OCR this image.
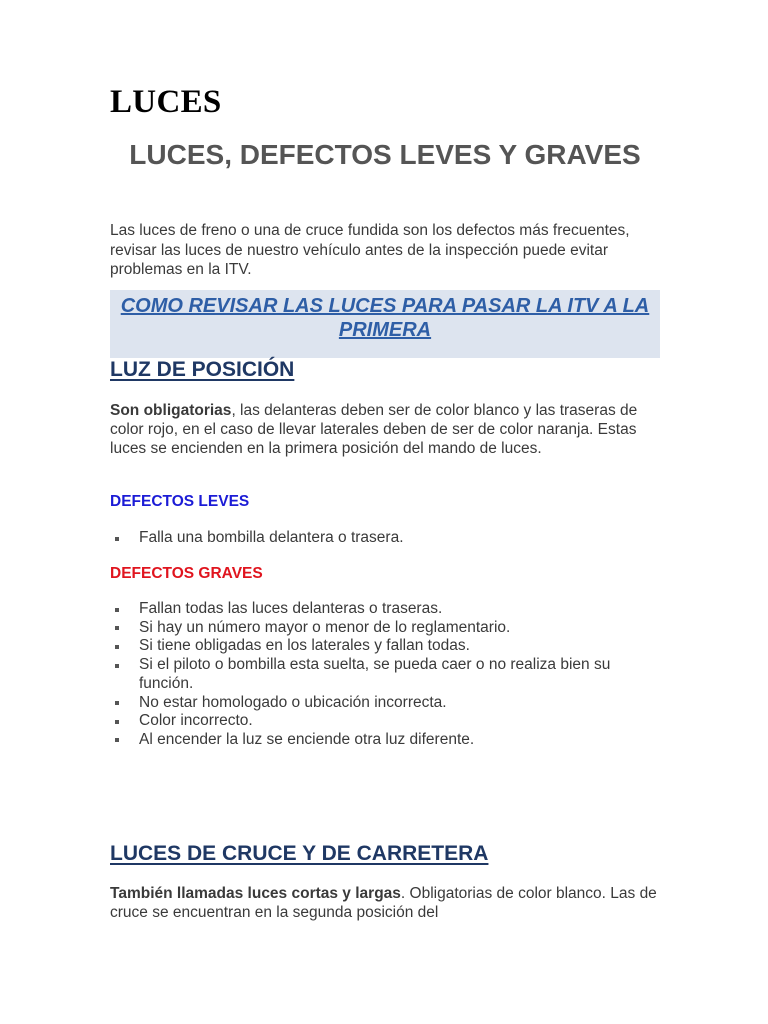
LUCES
LUCES, DEFECTOS LEVES Y GRAVES

Las luces de freno o una de cruce fundida son los defectos más frecuentes, revisar las luces de nuestro vehículo antes de la inspección puede evitar problemas en la ITV.

COMO REVISAR LAS LUCES PARA PASAR LA ITV A LA PRIMERA
LUZ DE POSICIÓN

Son obligatorias, las delanteras deben ser de color blanco y las traseras de color rojo, en el caso de llevar laterales deben de ser de color naranja. Estas luces se encienden en la primera posición del mando de luces.

DEFECTOS LEVES
Falla una bombilla delantera o trasera.
DEFECTOS GRAVES
Fallan todas las luces delanteras o traseras.
Si hay un número mayor o menor de lo reglamentario.
Si tiene obligadas en los laterales y fallan todas.
Si el piloto o bombilla esta suelta, se pueda caer o no realiza bien su función.
No estar homologado o ubicación incorrecta.
Color incorrecto.
Al encender la luz se enciende otra luz diferente.
LUCES DE CRUCE Y DE CARRETERA

También llamadas luces cortas y largas. Obligatorias de color blanco. Las de cruce se encuentran en la segunda posición del
